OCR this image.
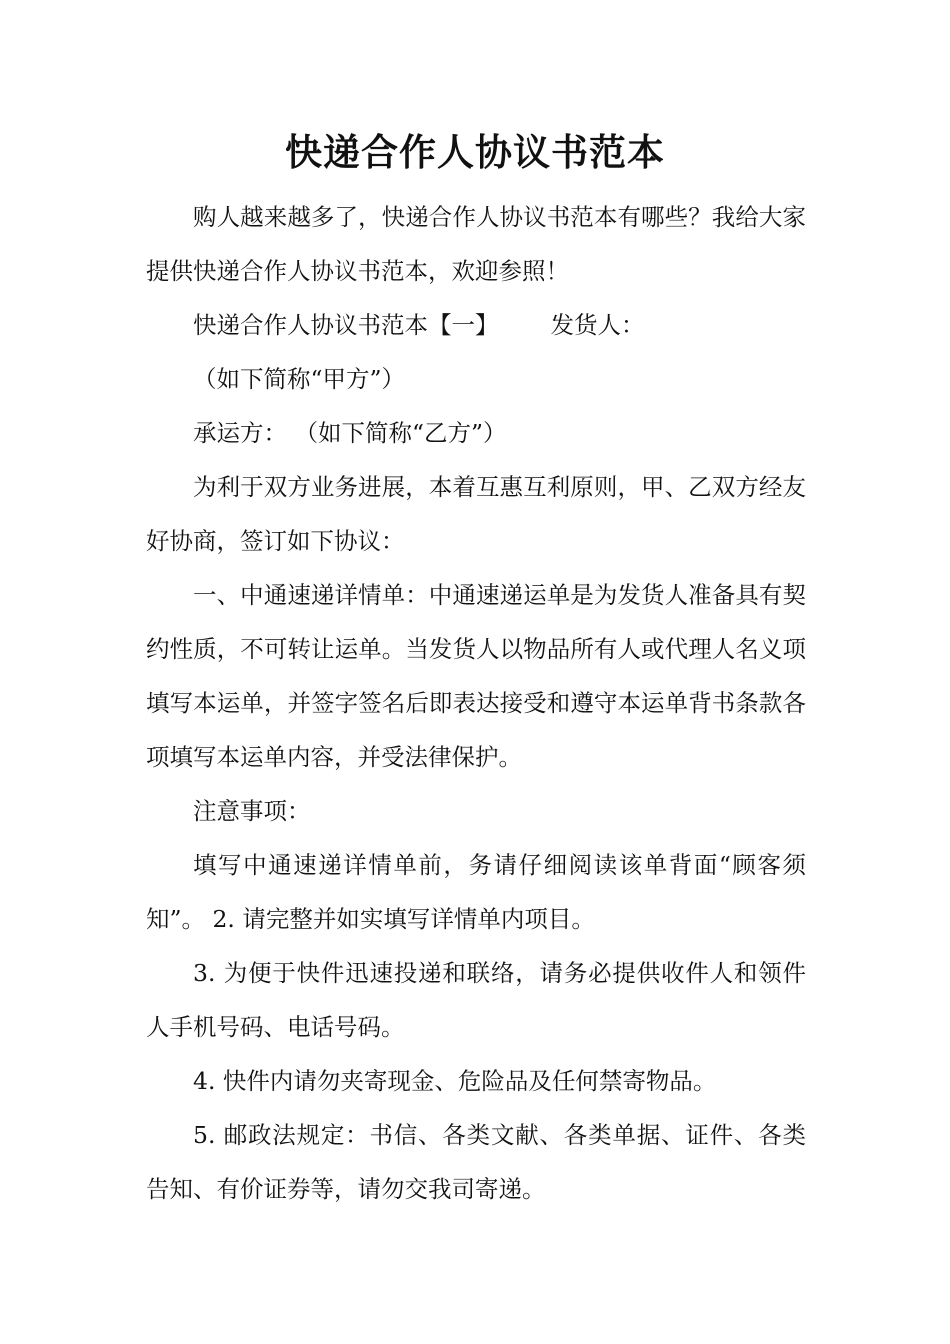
快递合作人协议书范本

购人越来越多了，快递合作人协议书范本有哪些？我给大家提供快递合作人协议书范本，欢迎参照！

快递合作人协议书范本【一】 发货人：

（如下简称“甲方”）

承运方： （如下简称“乙方”）

为利于双方业务进展，本着互惠互利原则，甲、乙双方经友好协商，签订如下协议：

一、中通速递详情单：中通速递运单是为发货人准备具有契约性质，不可转让运单。当发货人以物品所有人或代理人名义项填写本运单，并签字签名后即表达接受和遵守本运单背书条款各项填写本运单内容，并受法律保护。

注意事项：

填写中通速递详情单前，务请仔细阅读该单背面“顾客须知”。 2. 请完整并如实填写详情单内项目。

3. 为便于快件迅速投递和联络，请务必提供收件人和领件人手机号码、电话号码。

4. 快件内请勿夹寄现金、危险品及任何禁寄物品。

5. 邮政法规定：书信、各类文献、各类单据、证件、各类告知、有价证券等，请勿交我司寄递。
